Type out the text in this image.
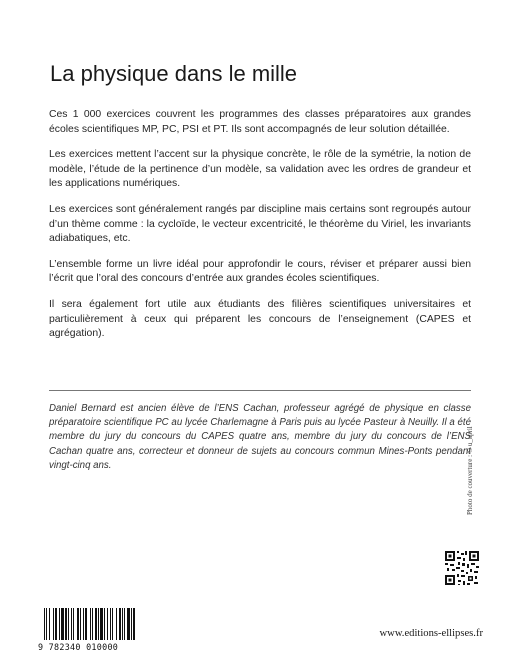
La physique dans le mille

Ces 1 000 exercices couvrent les programmes des classes préparatoires aux grandes écoles scientifiques MP, PC, PSI et PT. Ils sont accompagnés de leur solution détaillée.

Les exercices mettent l’accent sur la physique concrète, le rôle de la symétrie, la notion de modèle, l’étude de la pertinence d’un modèle, sa validation avec les ordres de grandeur et les applications numériques.

Les exercices sont généralement rangés par discipline mais certains sont regroupés autour d’un thème comme : la cycloïde, le vecteur excentricité, le théorème du Viriel, les invariants adiabatiques, etc.

L’ensemble forme un livre idéal pour approfondir le cours, réviser et préparer aussi bien l’écrit que l’oral des concours d’entrée aux grandes écoles scientifiques.

Il sera également fort utile aux étudiants des filières scientifiques universitaires et particulièrement à ceux qui préparent les concours de l’enseignement (CAPES et agrégation).

Daniel Bernard est ancien élève de l’ENS Cachan, professeur agrégé de physique en classe préparatoire scientifique PC au lycée Charlemagne à Paris puis au lycée Pasteur à Neuilly. Il a été membre du jury du concours du CAPES quatre ans, membre du jury du concours de l’ENS Cachan quatre ans, correcteur et donneur de sujets au concours commun Mines-Ponts pendant vingt-cinq ans.	Photo de couverture : © u_april
9 782340 010000
www.editions-ellipses.fr
